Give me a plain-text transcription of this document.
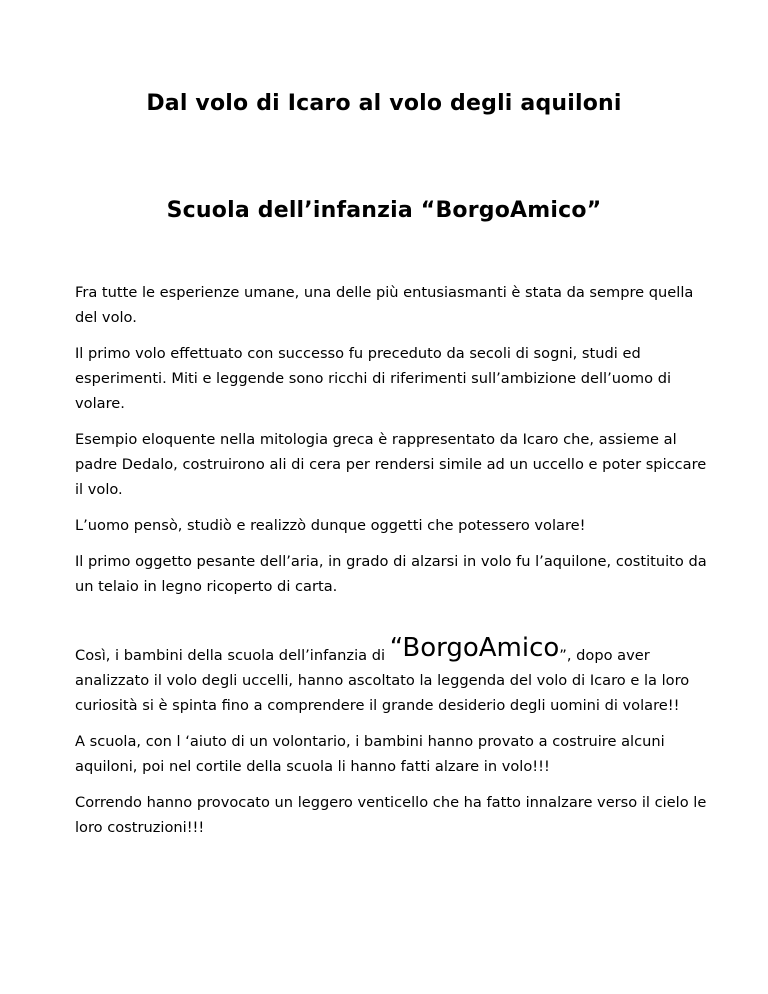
Dal volo di Icaro al volo degli aquiloni
Scuola dell’infanzia “BorgoAmico”

Fra tutte le esperienze umane, una delle più entusiasmanti è stata da sempre quella del volo.

Il primo volo effettuato con successo fu preceduto da secoli di sogni, studi ed esperimenti. Miti e leggende sono ricchi di riferimenti sull’ambizione dell’uomo di volare.

Esempio eloquente nella mitologia greca è rappresentato da Icaro che, assieme al padre Dedalo, costruirono ali di cera per rendersi simile ad un uccello e poter spiccare il volo.

L’uomo pensò, studiò e realizzò dunque oggetti che potessero volare!

Il primo oggetto pesante dell’aria, in grado di alzarsi in volo fu l’aquilone, costituito da un telaio in legno ricoperto di carta.

Così, i bambini della scuola dell’infanzia di “BorgoAmico”, dopo aver analizzato il volo degli uccelli, hanno ascoltato la leggenda del volo di Icaro e la loro curiosità si è spinta fino a comprendere il grande desiderio degli uomini di volare!!

A scuola, con l ‘aiuto di un volontario, i bambini hanno provato a costruire alcuni aquiloni, poi nel cortile della scuola li hanno fatti alzare in volo!!!

Correndo hanno provocato un leggero venticello che ha fatto innalzare verso il cielo le loro costruzioni!!!
